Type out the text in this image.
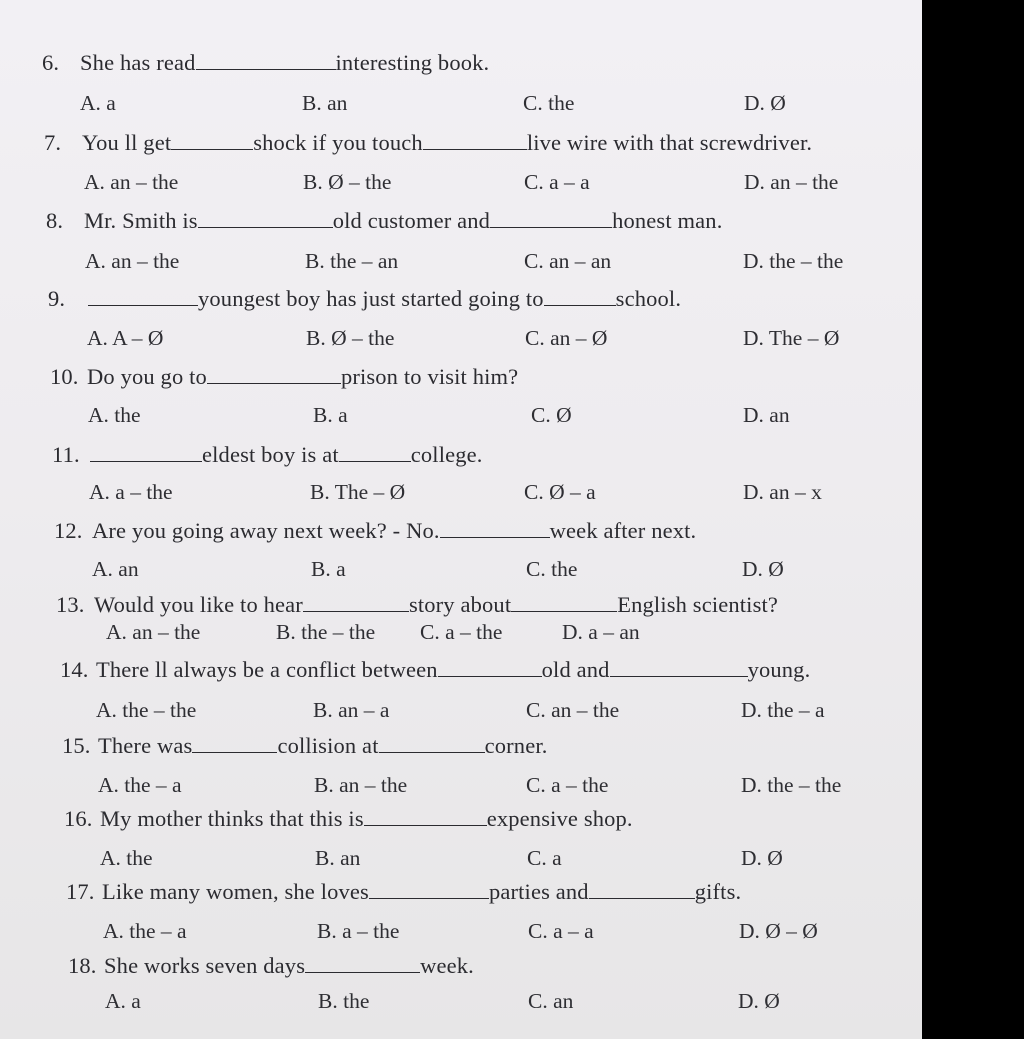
6. She has read	interesting book.
A. a	B. an	C. the	D. Ø
7. You ll get	shock if you touch	live wire with that screwdriver.
A. an – the	B. Ø – the	C. a – a	D. an – the
8. Mr. Smith is	old customer and	honest man.
A. an – the	B. the – an	C. an – an	D. the – the
9.	youngest boy has just started going to	school.
A. A – Ø	B. Ø – the	C. an – Ø	D. The – Ø
10. Do you go to	prison to visit him?
A. the	B. a	C. Ø	D. an
11.	eldest boy is at	college.
A. a – the	B. The – Ø	C. Ø – a	D. an – x
12. Are you going away next week? - No.	week after next.
A. an	B. a	C. the	D. Ø
13. Would you like to hear	story about	English scientist?
A. an – the	B. the – the C. a – the	D. a – an
14. There ll always be a conflict between	old and	young.
A. the – the	B. an – a	C. an – the	D. the – a
15. There was	collision at	corner.
A. the – a	B. an – the	C. a – the	D. the – the
16. My mother thinks that this is	expensive shop.
A. the	B. an	C. a	D. Ø
17. Like many women, she loves	parties and	gifts.
A. the – a	B. a – the	C. a – a	D. Ø – Ø
18. She works seven days	week.
A. a	B. the	C. an	D. Ø
